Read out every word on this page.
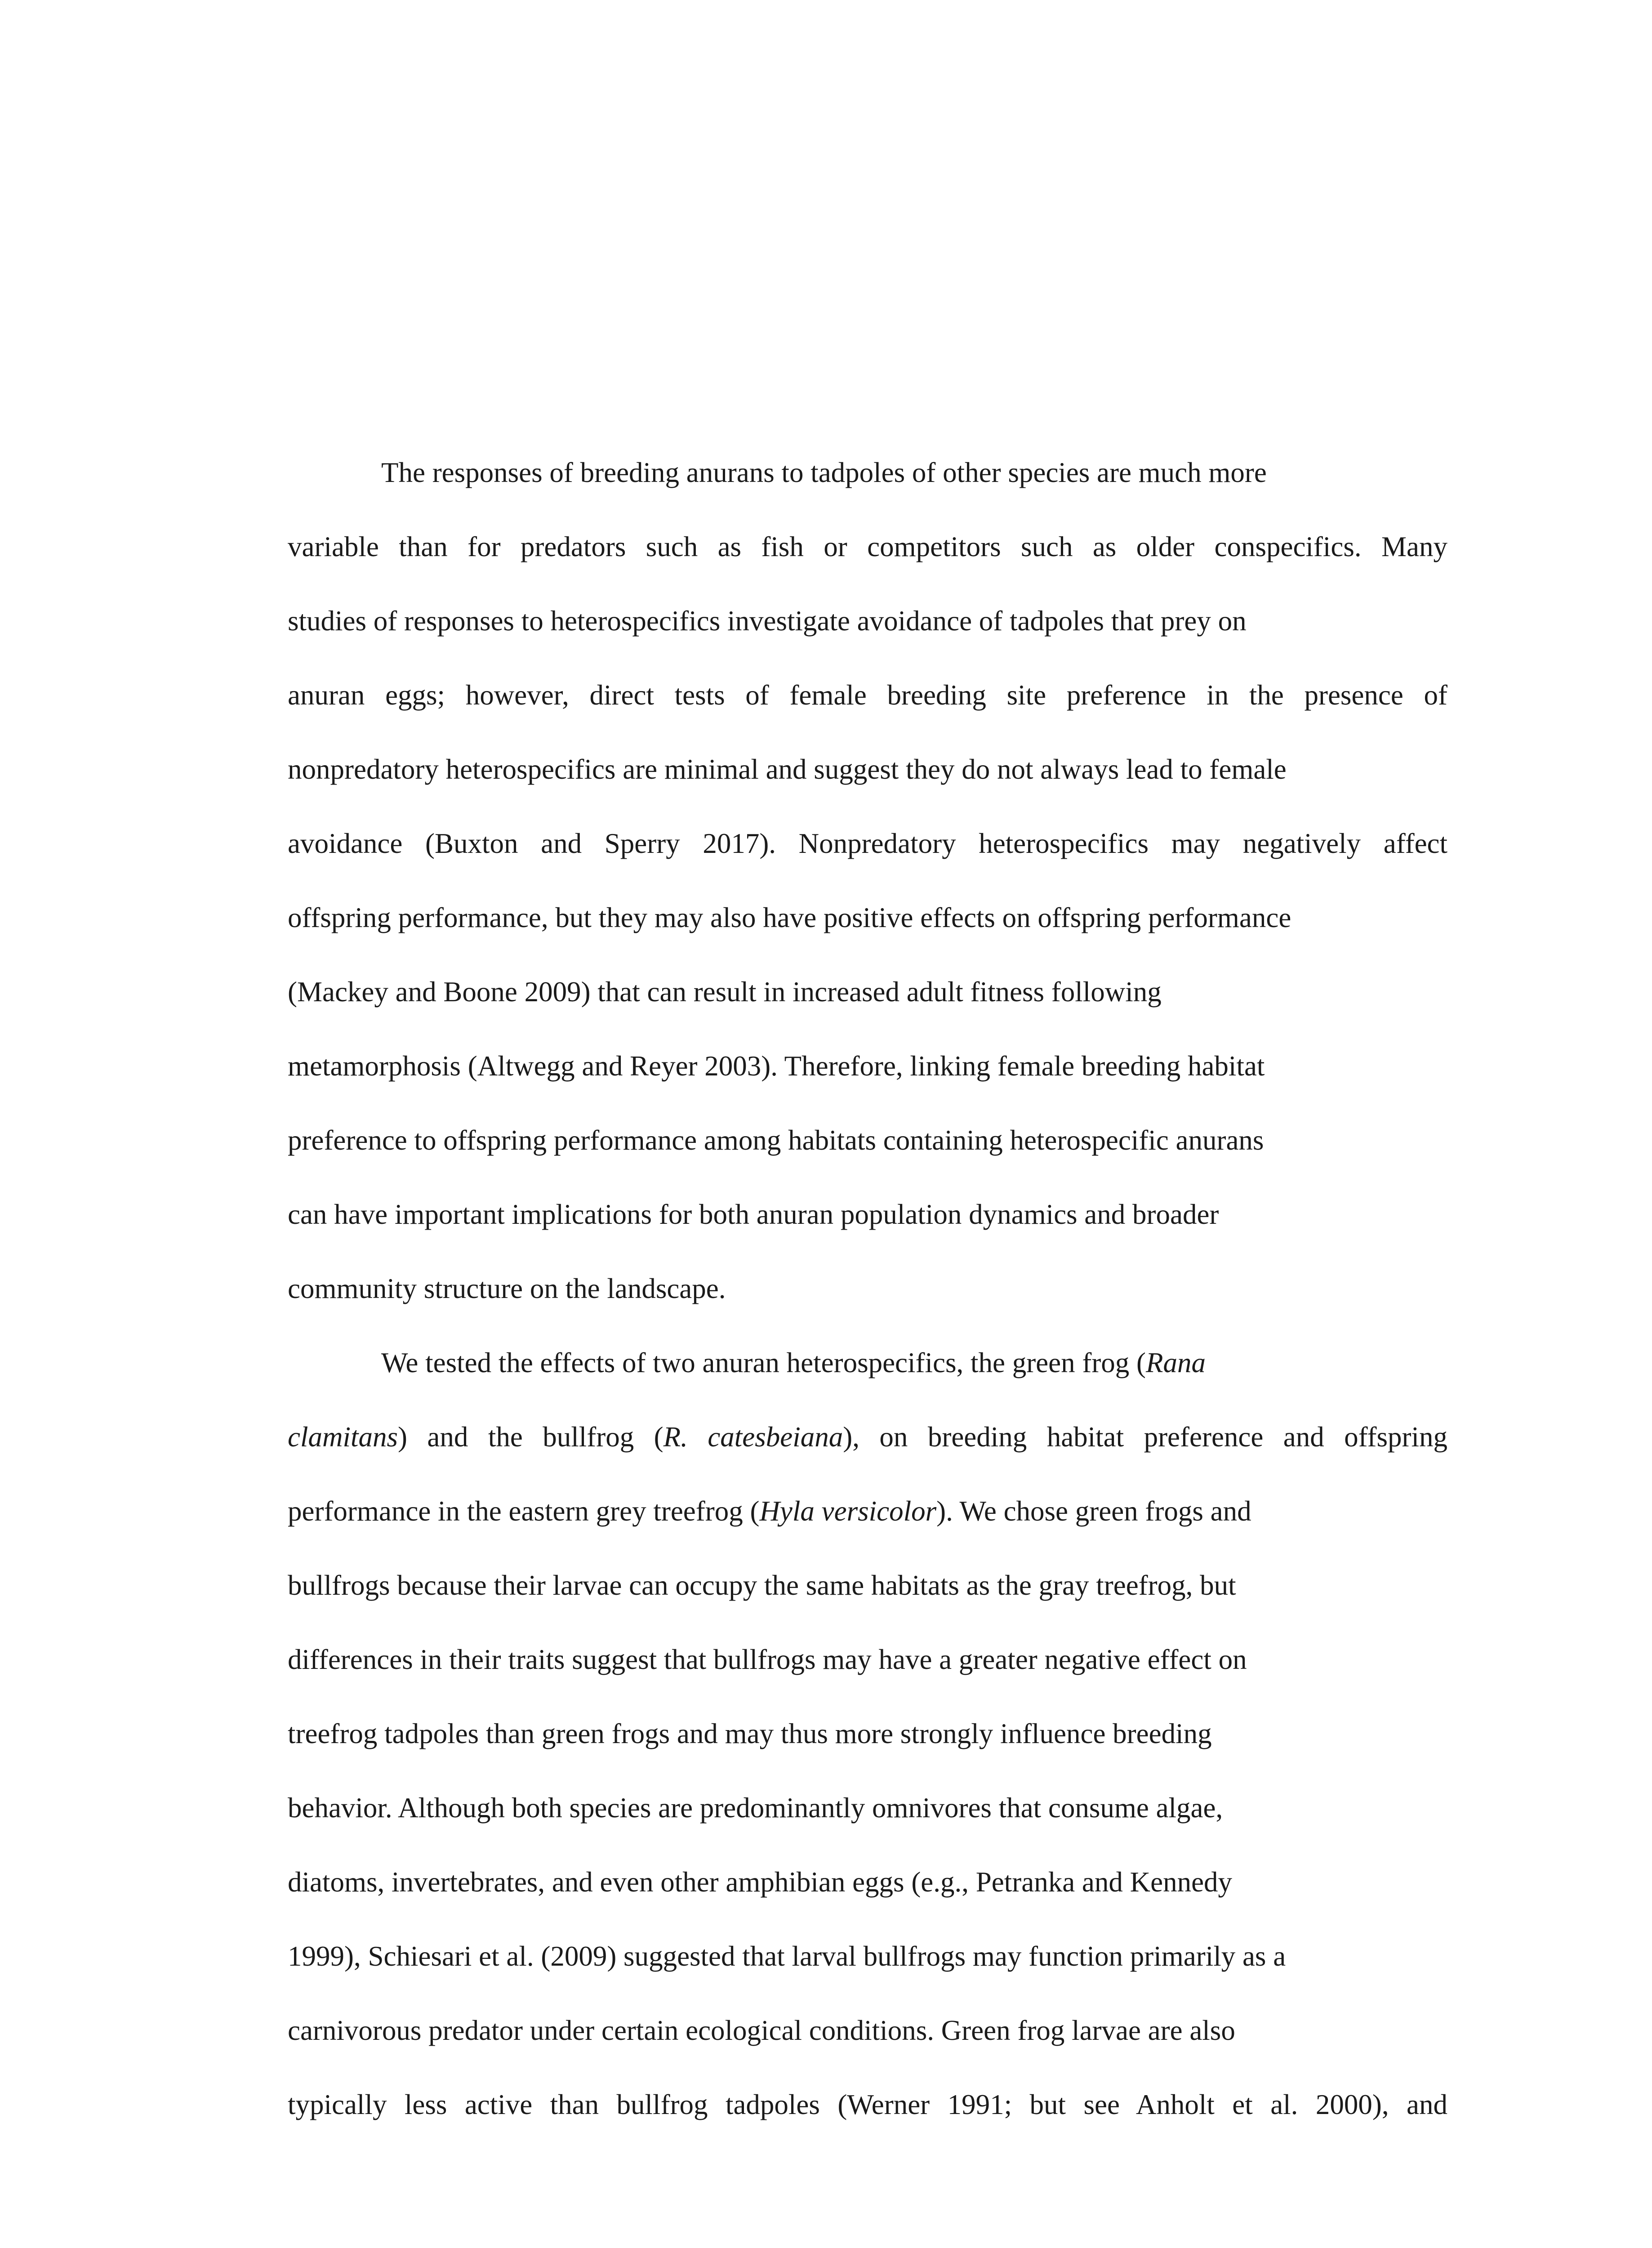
The responses of breeding anurans to tadpoles of other species are much more
variable than for predators such as fish or competitors such as older conspecifics. Many
studies of responses to heterospecifics investigate avoidance of tadpoles that prey on
anuran eggs; however, direct tests of female breeding site preference in the presence of
nonpredatory heterospecifics are minimal and suggest they do not always lead to female
avoidance (Buxton and Sperry 2017). Nonpredatory heterospecifics may negatively affect
offspring performance, but they may also have positive effects on offspring performance
(Mackey and Boone 2009) that can result in increased adult fitness following
metamorphosis (Altwegg and Reyer 2003). Therefore, linking female breeding habitat
preference to offspring performance among habitats containing heterospecific anurans
can have important implications for both anuran population dynamics and broader
community structure on the landscape.
We tested the effects of two anuran heterospecifics, the green frog (Rana
clamitans) and the bullfrog (R. catesbeiana), on breeding habitat preference and offspring
performance in the eastern grey treefrog (Hyla versicolor). We chose green frogs and
bullfrogs because their larvae can occupy the same habitats as the gray treefrog, but
differences in their traits suggest that bullfrogs may have a greater negative effect on
treefrog tadpoles than green frogs and may thus more strongly influence breeding
behavior. Although both species are predominantly omnivores that consume algae,
diatoms, invertebrates, and even other amphibian eggs (e.g., Petranka and Kennedy
1999), Schiesari et al. (2009) suggested that larval bullfrogs may function primarily as a
carnivorous predator under certain ecological conditions. Green frog larvae are also
typically less active than bullfrog tadpoles (Werner 1991; but see Anholt et al. 2000), and
